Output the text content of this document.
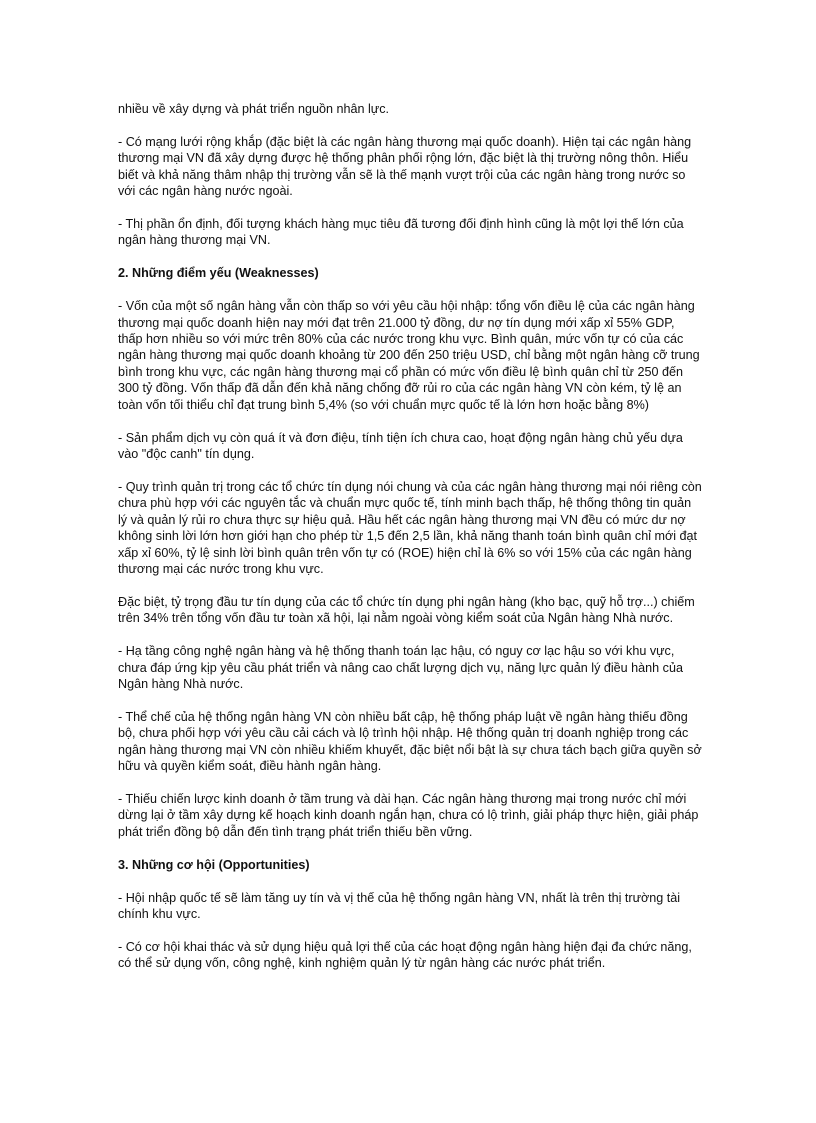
nhiều về xây dựng và phát triển nguồn nhân lực.

- Có mạng lưới rộng khắp (đặc biệt là các ngân hàng thương mại quốc doanh). Hiện tại các ngân hàng thương mại VN đã xây dựng được hệ thống phân phối rộng lớn, đặc biệt là thị trường nông thôn. Hiểu biết và khả năng thâm nhập thị trường vẫn sẽ là thế mạnh vượt trội của các ngân hàng trong nước so với các ngân hàng nước ngoài.

- Thị phần ổn định, đối tượng khách hàng mục tiêu đã tương đối định hình cũng là một lợi thế lớn của ngân hàng thương mại VN.

2. Những điểm yếu (Weaknesses)

- Vốn của một số ngân hàng vẫn còn thấp so với yêu cầu hội nhập: tổng vốn điều lệ của các ngân hàng thương mại quốc doanh hiện nay mới đạt trên 21.000 tỷ đồng, dư nợ tín dụng mới xấp xỉ 55% GDP, thấp hơn nhiều so với mức trên 80% của các nước trong khu vực. Bình quân, mức vốn tự có của các ngân hàng thương mại quốc doanh khoảng từ 200 đến 250 triệu USD, chỉ bằng một ngân hàng cỡ trung bình trong khu vực, các ngân hàng thương mại cổ phần có mức vốn điều lệ bình quân chỉ từ 250 đến 300 tỷ đồng. Vốn thấp đã dẫn đến khả năng chống đỡ rủi ro của các ngân hàng VN còn kém, tỷ lệ an toàn vốn tối thiểu chỉ đạt trung bình 5,4% (so với chuẩn mực quốc tế là lớn hơn hoặc bằng 8%)

- Sản phẩm dịch vụ còn quá ít và đơn điệu, tính tiện ích chưa cao, hoạt động ngân hàng chủ yếu dựa vào "độc canh" tín dụng.

- Quy trình quản trị trong các tổ chức tín dụng nói chung và của các ngân hàng thương mại nói riêng còn chưa phù hợp với các nguyên tắc và chuẩn mực quốc tế, tính minh bạch thấp, hệ thống thông tin quản lý và quản lý rủi ro chưa thực sự hiệu quả. Hầu hết các ngân hàng thương mại VN đều có mức dư nợ không sinh lời lớn hơn giới hạn cho phép từ 1,5 đến 2,5 lần, khả năng thanh toán bình quân chỉ mới đạt xấp xỉ 60%, tỷ lệ sinh lời bình quân trên vốn tự có (ROE) hiện chỉ là 6% so với 15% của các ngân hàng thương mại các nước trong khu vực.

Đặc biệt, tỷ trọng đầu tư tín dụng của các tổ chức tín dụng phi ngân hàng (kho bạc, quỹ hỗ trợ...) chiếm trên 34% trên tổng vốn đầu tư toàn xã hội, lại nằm ngoài vòng kiểm soát của Ngân hàng Nhà nước.

- Hạ tầng công nghệ ngân hàng và hệ thống thanh toán lạc hậu, có nguy cơ lạc hậu so với khu vực, chưa đáp ứng kịp yêu cầu phát triển và nâng cao chất lượng dịch vụ, năng lực quản lý điều hành của Ngân hàng Nhà nước.

- Thể chế của hệ thống ngân hàng VN còn nhiều bất cập, hệ thống pháp luật về ngân hàng thiếu đồng bộ, chưa phối hợp với yêu cầu cải cách và lộ trình hội nhập. Hệ thống quản trị doanh nghiệp trong các ngân hàng thương mại VN còn nhiều khiếm khuyết, đặc biệt nổi bật là sự chưa tách bạch giữa quyền sở hữu và quyền kiểm soát, điều hành ngân hàng.

- Thiếu chiến lược kinh doanh ở tầm trung và dài hạn. Các ngân hàng thương mại trong nước chỉ mới dừng lại ở tầm xây dựng kế hoạch kinh doanh ngắn hạn, chưa có lộ trình, giải pháp thực hiện, giải pháp phát triển đồng bộ dẫn đến tình trạng phát triển thiếu bền vững.

3. Những cơ hội (Opportunities)

- Hội nhập quốc tế sẽ làm tăng uy tín và vị thế của hệ thống ngân hàng VN, nhất là trên thị trường tài chính khu vực.

- Có cơ hội khai thác và sử dụng hiệu quả lợi thế của các hoạt động ngân hàng hiện đại đa chức năng, có thể sử dụng vốn, công nghệ, kinh nghiệm quản lý từ ngân hàng các nước phát triển.
